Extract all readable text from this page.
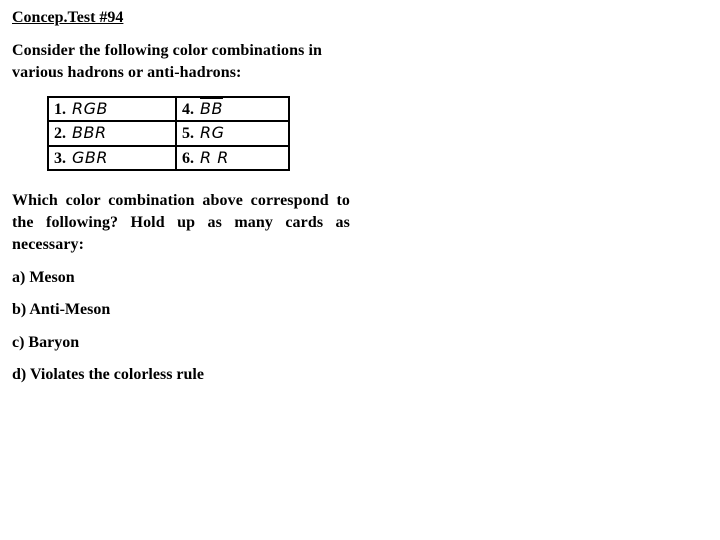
Concep.Test #94
Consider the following color combinations in various hadrons or anti-hadrons:
1. RGB	4. $\overline{B}\overline{B}$
2. BBR	5. RG
3. GBR	6. R R
Which color combination above correspond to the following? Hold up as many cards as necessary:
a) Meson
b) Anti-Meson
c) Baryon
d) Violates the colorless rule
